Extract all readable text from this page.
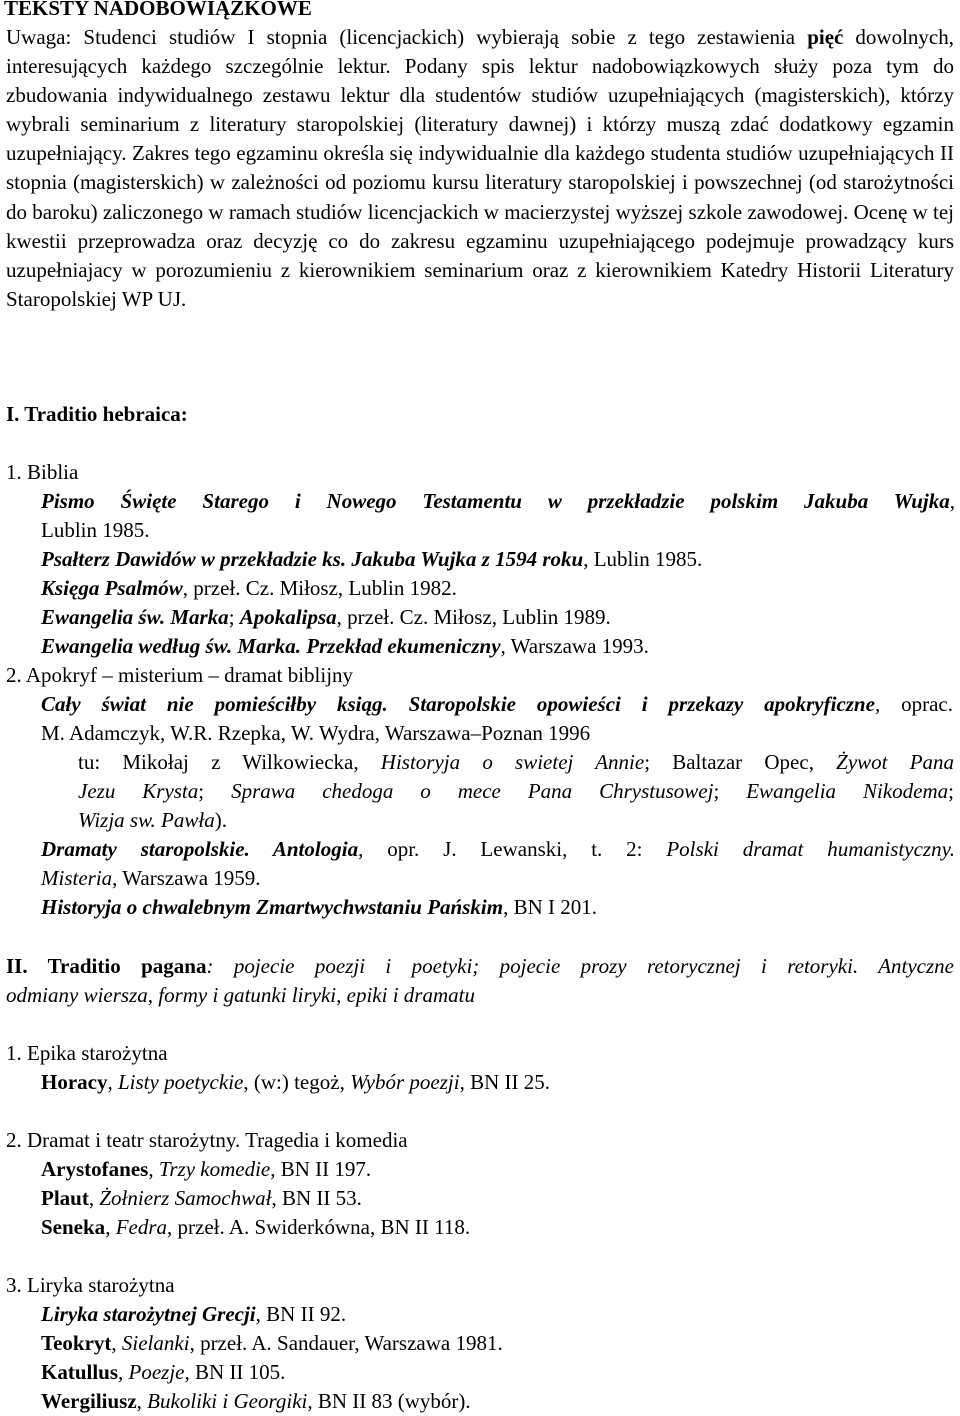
TEKSTY NADOBOWIĄZKOWE

Uwaga: Studenci studiów I stopnia (licencjackich) wybierają sobie z tego zestawienia pięć dowolnych, interesujących każdego szczególnie lektur. Podany spis lektur nadobowiązkowych służy poza tym do zbudowania indywidualnego zestawu lektur dla studentów studiów uzupełniających (magisterskich), którzy wybrali seminarium z literatury staropolskiej (literatury dawnej) i którzy muszą zdać dodatkowy egzamin uzupełniający. Zakres tego egzaminu określa się indywidualnie dla każdego studenta studiów uzupełniających II stopnia (magisterskich) w zależności od poziomu kursu literatury staropolskiej i powszechnej (od starożytności do baroku) zaliczonego w ramach studiów licencjackich w macierzystej wyższej szkole zawodowej. Ocenę w tej kwestii przeprowadza oraz decyzję co do zakresu egzaminu uzupełniającego podejmuje prowadzący kurs uzupełniajacy w porozumieniu z kierownikiem seminarium oraz z kierownikiem Katedry Historii Literatury Staropolskiej WP UJ.

I. Traditio hebraica:
1. Biblia
Pismo Święte Starego i Nowego Testamentu w przekładzie polskim Jakuba Wujka,
Lublin 1985.
Psałterz Dawidów w przekładzie ks. Jakuba Wujka z 1594 roku, Lublin 1985.
Księga Psalmów, przeł. Cz. Miłosz, Lublin 1982.
Ewangelia św. Marka; Apokalipsa, przeł. Cz. Miłosz, Lublin 1989.
Ewangelia według św. Marka. Przekład ekumeniczny, Warszawa 1993.
2. Apokryf – misterium – dramat biblijny
Cały świat nie pomieściłby ksiąg. Staropolskie opowieści i przekazy apokryficzne, oprac.
M. Adamczyk, W.R. Rzepka, W. Wydra, Warszawa–Poznan 1996
tu: Mikołaj z Wilkowiecka, Historyja o swietej Annie; Baltazar Opec, Żywot Pana
Jezu Krysta; Sprawa chedoga o mece Pana Chrystusowej; Ewangelia Nikodema;
Wizja sw. Pawła).
Dramaty staropolskie. Antologia, opr. J. Lewanski, t. 2: Polski dramat humanistyczny.
Misteria, Warszawa 1959.
Historyja o chwalebnym Zmartwychwstaniu Pańskim, BN I 201.
II. Traditio pagana: pojecie poezji i poetyki; pojecie prozy retorycznej i retoryki. Antyczne
odmiany wiersza, formy i gatunki liryki, epiki i dramatu
1. Epika starożytna
Horacy, Listy poetyckie, (w:) tegoż, Wybór poezji, BN II 25.
2. Dramat i teatr starożytny. Tragedia i komedia
Arystofanes, Trzy komedie, BN II 197.
Plaut, Żołnierz Samochwał, BN II 53.
Seneka, Fedra, przeł. A. Swiderkówna, BN II 118.
3. Liryka starożytna
Liryka starożytnej Grecji, BN II 92.
Teokryt, Sielanki, przeł. A. Sandauer, Warszawa 1981.
Katullus, Poezje, BN II 105.
Wergiliusz, Bukoliki i Georgiki, BN II 83 (wybór).
